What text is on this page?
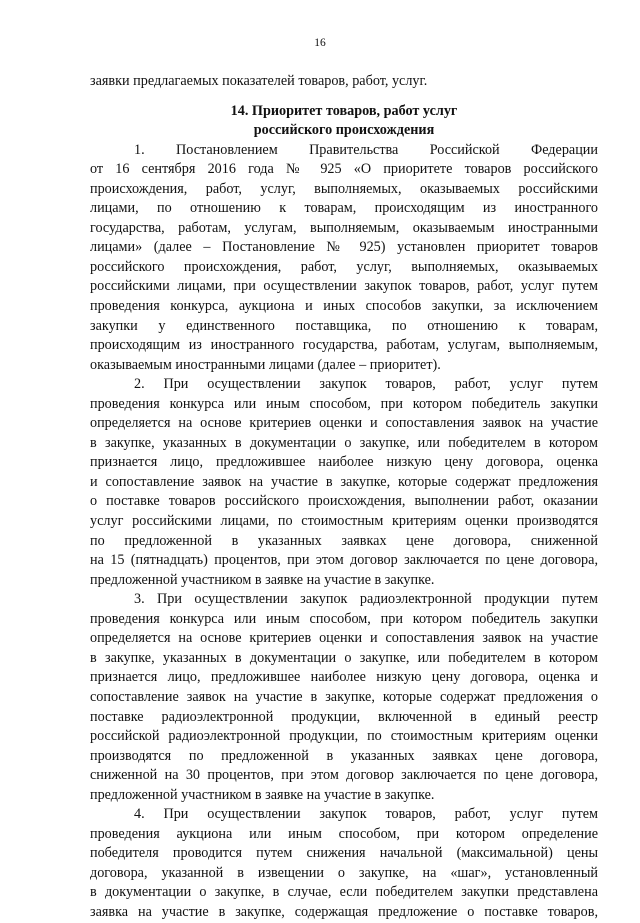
16
заявки предлагаемых показателей товаров, работ, услуг.
14. Приоритет товаров, работ услуг
российского происхождения
1. Постановлением Правительства Российской Федерации
от 16 сентября 2016 года № 925 «О приоритете товаров российского
происхождения, работ, услуг, выполняемых, оказываемых российскими
лицами, по отношению к товарам, происходящим из иностранного
государства, работам, услугам, выполняемым, оказываемым иностранными
лицами» (далее – Постановление № 925) установлен приоритет товаров
российского происхождения, работ, услуг, выполняемых, оказываемых
российскими лицами, при осуществлении закупок товаров, работ, услуг путем
проведения конкурса, аукциона и иных способов закупки, за исключением
закупки у единственного поставщика, по отношению к товарам,
происходящим из иностранного государства, работам, услугам, выполняемым,
оказываемым иностранными лицами (далее – приоритет).
2. При осуществлении закупок товаров, работ, услуг путем
проведения конкурса или иным способом, при котором победитель закупки
определяется на основе критериев оценки и сопоставления заявок на участие
в закупке, указанных в документации о закупке, или победителем в котором
признается лицо, предложившее наиболее низкую цену договора, оценка
и сопоставление заявок на участие в закупке, которые содержат предложения
о поставке товаров российского происхождения, выполнении работ, оказании
услуг российскими лицами, по стоимостным критериям оценки производятся
по предложенной в указанных заявках цене договора, сниженной
на 15 (пятнадцать) процентов, при этом договор заключается по цене договора,
предложенной участником в заявке на участие в закупке.
3. При осуществлении закупок радиоэлектронной продукции путем
проведения конкурса или иным способом, при котором победитель закупки
определяется на основе критериев оценки и сопоставления заявок на участие
в закупке, указанных в документации о закупке, или победителем в котором
признается лицо, предложившее наиболее низкую цену договора, оценка и
сопоставление заявок на участие в закупке, которые содержат предложения о
поставке радиоэлектронной продукции, включенной в единый реестр
российской радиоэлектронной продукции, по стоимостным критериям оценки
производятся по предложенной в указанных заявках цене договора,
сниженной на 30 процентов, при этом договор заключается по цене договора,
предложенной участником в заявке на участие в закупке.
4. При осуществлении закупок товаров, работ, услуг путем
проведения аукциона или иным способом, при котором определение
победителя проводится путем снижения начальной (максимальной) цены
договора, указанной в извещении о закупке, на «шаг», установленный
в документации о закупке, в случае, если победителем закупки представлена
заявка на участие в закупке, содержащая предложение о поставке товаров,
